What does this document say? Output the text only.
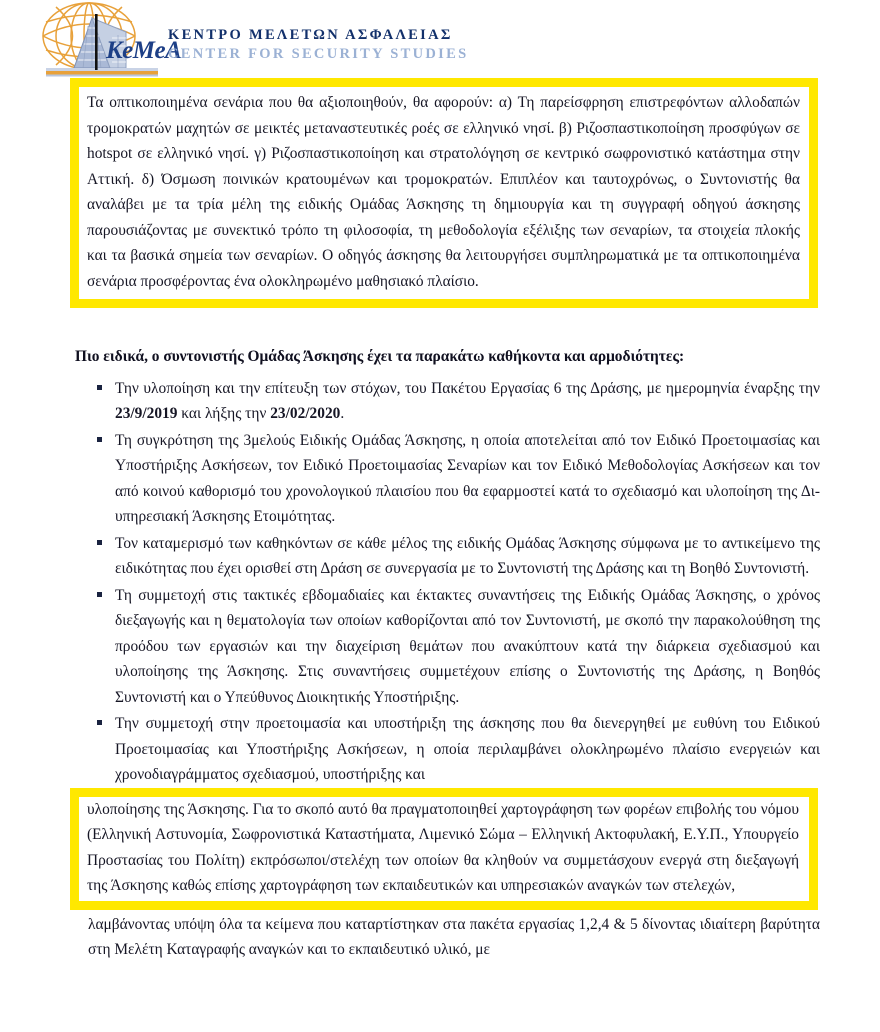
KeMeA
ΚΕΝΤΡΟ ΜΕΛΕΤΩΝ ΑΣΦΑΛΕΙΑΣ
CENTER FOR SECURITY STUDIES

Τα οπτικοποιημένα σενάρια που θα αξιοποιηθούν, θα αφορούν: α) Τη παρείσφρηση επιστρεφόντων αλλοδαπών τρομοκρατών μαχητών σε μεικτές μεταναστευτικές ροές σε ελληνικό νησί. β) Ριζοσπαστικοποίηση προσφύγων σε hotspot σε ελληνικό νησί. γ) Ριζοσπαστικοποίηση και στρατολόγηση σε κεντρικό σωφρονιστικό κατάστημα στην Αττική. δ) Όσμωση ποινικών κρατουμένων και τρομοκρατών. Επιπλέον και ταυτοχρόνως, ο Συντονιστής θα αναλάβει με τα τρία μέλη της ειδικής Ομάδας Άσκησης τη δημιουργία και τη συγγραφή οδηγού άσκησης παρουσιάζοντας με συνεκτικό τρόπο τη φιλοσοφία, τη μεθοδολογία εξέλιξης των σεναρίων, τα στοιχεία πλοκής και τα βασικά σημεία των σεναρίων. Ο οδηγός άσκησης θα λειτουργήσει συμπληρωματικά με τα οπτικοποιημένα σενάρια προσφέροντας ένα ολοκληρωμένο μαθησιακό πλαίσιο.

Πιο ειδικά, ο συντονιστής Ομάδας Άσκησης έχει τα παρακάτω καθήκοντα και αρμοδιότητες:

Την υλοποίηση και την επίτευξη των στόχων, του Πακέτου Εργασίας 6 της Δράσης, με ημερομηνία έναρξης την 23/9/2019 και λήξης την 23/02/2020.
Τη συγκρότηση της 3μελούς Ειδικής Ομάδας Άσκησης, η οποία αποτελείται από τον Ειδικό Προετοιμασίας και Υποστήριξης Ασκήσεων, τον Ειδικό Προετοιμασίας Σεναρίων και τον Ειδικό Μεθοδολογίας Ασκήσεων και τον από κοινού καθορισμό του χρονολογικού πλαισίου που θα εφαρμοστεί κατά το σχεδιασμό και υλοποίηση της Δι-υπηρεσιακή Άσκησης Ετοιμότητας.
Τον καταμερισμό των καθηκόντων σε κάθε μέλος της ειδικής Ομάδας Άσκησης σύμφωνα με το αντικείμενο της ειδικότητας που έχει ορισθεί στη Δράση σε συνεργασία με το Συντονιστή της Δράσης και τη Βοηθό Συντονιστή.
Τη συμμετοχή στις τακτικές εβδομαδιαίες και έκτακτες συναντήσεις της Ειδικής Ομάδας Άσκησης, ο χρόνος διεξαγωγής και η θεματολογία των οποίων καθορίζονται από τον Συντονιστή, με σκοπό την παρακολούθηση της προόδου των εργασιών και την διαχείριση θεμάτων που ανακύπτουν κατά την διάρκεια σχεδιασμού και υλοποίησης της Άσκησης. Στις συναντήσεις συμμετέχουν επίσης ο Συντονιστής της Δράσης, η Βοηθός Συντονιστή και ο Υπεύθυνος Διοικητικής Υποστήριξης.
Την συμμετοχή στην προετοιμασία και υποστήριξη της άσκησης που θα διενεργηθεί με ευθύνη του Ειδικού Προετοιμασίας και Υποστήριξης Ασκήσεων, η οποία περιλαμβάνει ολοκληρωμένο πλαίσιο ενεργειών και χρονοδιαγράμματος σχεδιασμού, υποστήριξης και

υλοποίησης της Άσκησης. Για το σκοπό αυτό θα πραγματοποιηθεί χαρτογράφηση των φορέων επιβολής του νόμου (Ελληνική Αστυνομία, Σωφρονιστικά Καταστήματα, Λιμενικό Σώμα – Ελληνική Ακτοφυλακή, Ε.Υ.Π., Υπουργείο Προστασίας του Πολίτη) εκπρόσωποι/στελέχη των οποίων θα κληθούν να συμμετάσχουν ενεργά στη διεξαγωγή της Άσκησης καθώς επίσης χαρτογράφηση των εκπαιδευτικών και υπηρεσιακών αναγκών των στελεχών,

λαμβάνοντας υπόψη όλα τα κείμενα που καταρτίστηκαν στα πακέτα εργασίας 1,2,4 & 5 δίνοντας ιδιαίτερη βαρύτητα στη Μελέτη Καταγραφής αναγκών και το εκπαιδευτικό υλικό, με
